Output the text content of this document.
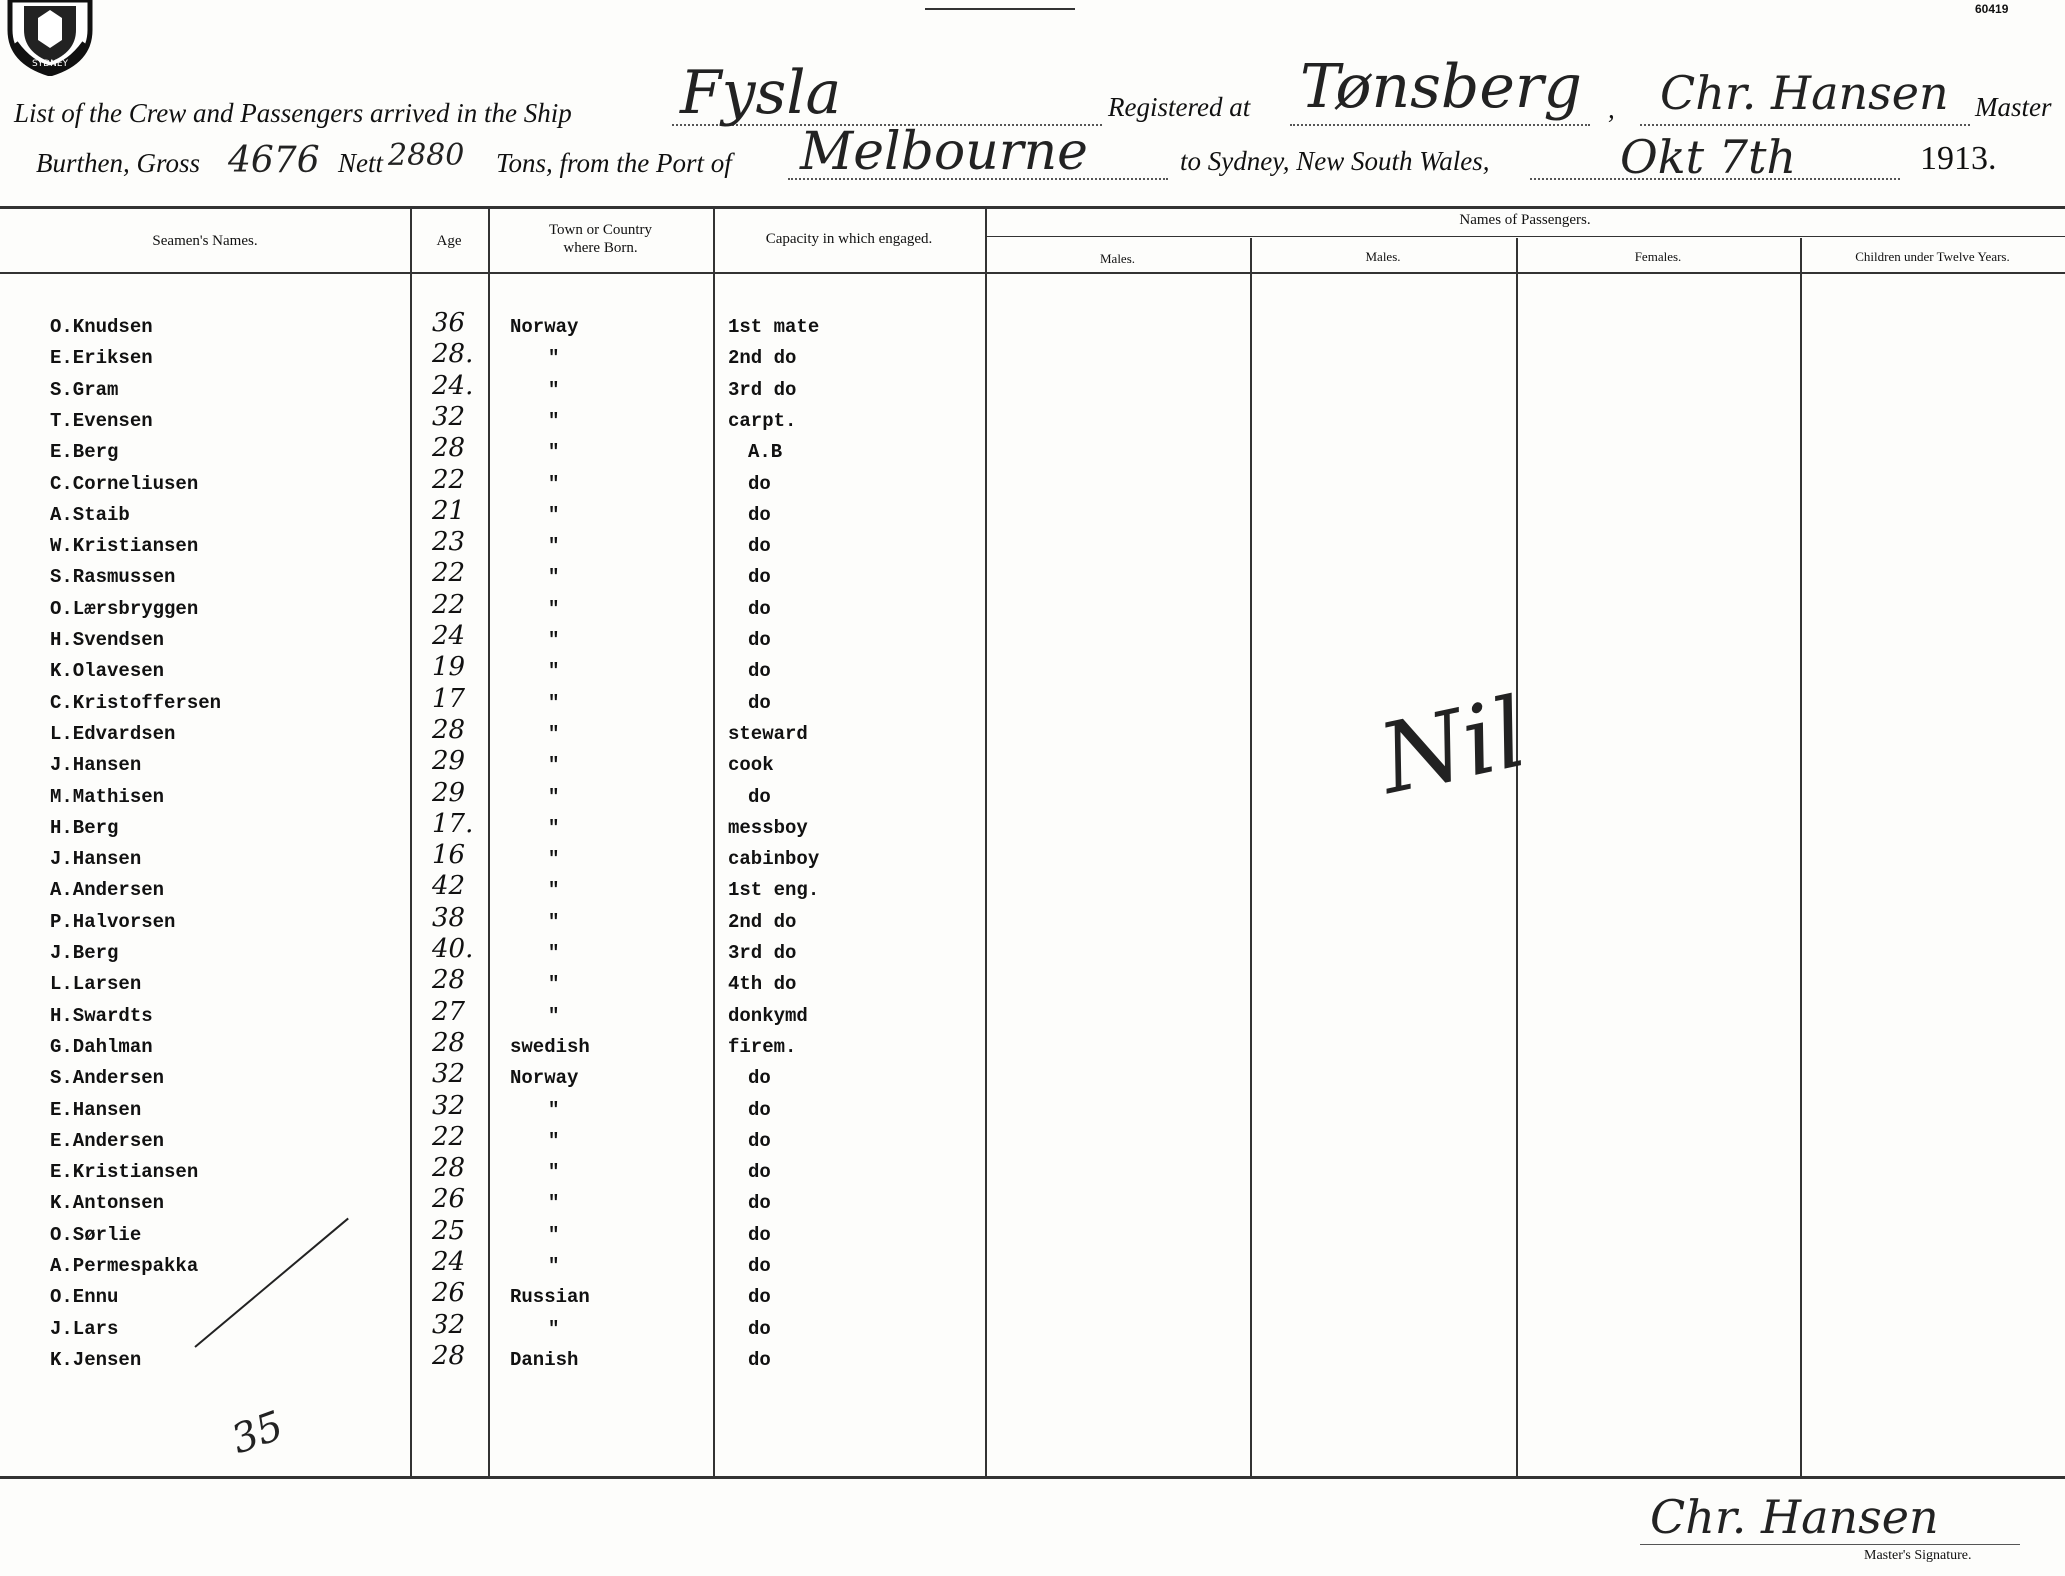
SYDNEY
60419
List of the Crew and Passengers arrived in the Ship Fysla	Registered at Tønsberg , Chr. Hansen Master
Burthen, Gross 4676 Nett 2880 Tons, from the Port of Melbourne	to Sydney, New South Wales,	Okt 7th	1913.
Seamen's Names.	Age
Town or Country
where Born.
Capacity in which engaged.
Names of Passengers.
Males.	Males.	Females.	Children under Twelve Years.
O.Knudsen	36 Norway	1st mate
E.Eriksen	28.	"	2nd do
S.Gram	24.	"	3rd do
T.Evensen	32	"	carpt.
E.Berg	28	"	A.B
C.Corneliusen	22	"	do
A.Staib	21	"	do
W.Kristiansen	23	"	do
S.Rasmussen	22	"	do
O.Lærsbryggen	22	"	do
H.Svendsen	24	"	do
K.Olavesen	19	"	do
C.Kristoffersen	17	"	do
L.Edvardsen	28	"	steward
J.Hansen	29	"	cook
M.Mathisen	29	"	do
H.Berg	17.	"	messboy
J.Hansen	16	"	cabinboy
A.Andersen	42	"	1st eng.
P.Halvorsen	38	"	2nd do
J.Berg	40.	"	3rd do
L.Larsen	28	"	4th do
H.Swardts	27	"	donkymd
G.Dahlman	28 swedish	firem.
S.Andersen	32 Norway	do
E.Hansen	32	"	do
E.Andersen	22	"	do
E.Kristiansen	28	"	do
K.Antonsen	26	"	do
O.Sørlie	25	"	do
A.Permespakka	24	"	do
O.Ennu	26 Russian	do
J.Lars	32	"	do
K.Jensen	28 Danish	do
Nil
35
Chr. Hansen
Master's Signature.
